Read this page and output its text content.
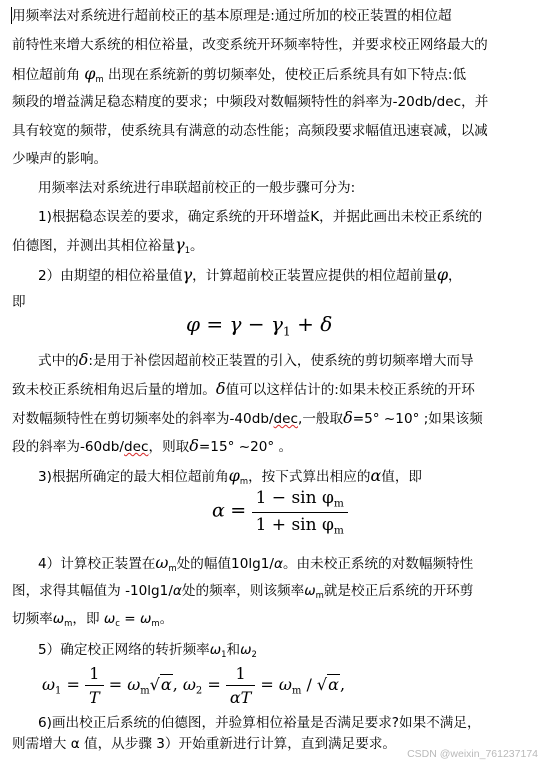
用频率法对系统进行超前校正的基本原理是:通过所加的校正装置的相位超
前特性来增大系统的相位裕量，改变系统开环频率特性，并要求校正网络最大的
相位超前角 $\varphi_m$ 出现在系统新的剪切频率处，使校正后系统具有如下特点:低
频段的增益满足稳态精度的要求；中频段对数幅频特性的斜率为-20db/dec，并
具有较宽的频带，使系统具有满意的动态性能；高频段要求幅值迅速衰减，以减
少噪声的影响。
用频率法对系统进行串联超前校正的一般步骤可分为:
1)根据稳态误差的要求，确定系统的开环增益K，并据此画出未校正系统的
伯德图，并测出其相位裕量$\gamma_1$。
2）由期望的相位裕量值γ，计算超前校正装置应提供的相位超前量φ，
即
$\varphi = \gamma - \gamma_1 + \delta$
式中的δ:是用于补偿因超前校正装置的引入，使系统的剪切频率增大而导
致未校正系统相角迟后量的增加。δ值可以这样估计的:如果未校正系统的开环
对数幅频特性在剪切频率处的斜率为-40db/dec,一般取δ=5° ~10° ;如果该频
段的斜率为-60db/dec，则取δ=15° ~20° 。
3)根据所确定的最大相位超前角$\varphi_m$，按下式算出相应的α值，即
$\alpha = \frac{1 - \sin \varphi_m}{1 + \sin \varphi_m}$
4）计算校正装置在$\omega_m$处的幅值10lg1/α。由未校正系统的对数幅频特性
图，求得其幅值为 -10lg1/α处的频率，则该频率$\omega_m$就是校正后系统的开环剪
切频率$\omega_m$，即 $\omega_c = \omega_m$。
5）确定校正网络的转折频率$\omega_1$和$\omega_2$
$\omega_1 = \frac{1}{T} = \omega_m√\alpha$, $\omega_2 = \frac{1}{\alpha T} = \omega_m / √\alpha$,
6)画出校正后系统的伯德图，并验算相位裕量是否满足要求?如果不满足，
则需增大 α 值，从步骤 3）开始重新进行计算，直到满足要求。
CSDN @weixin_761237174
